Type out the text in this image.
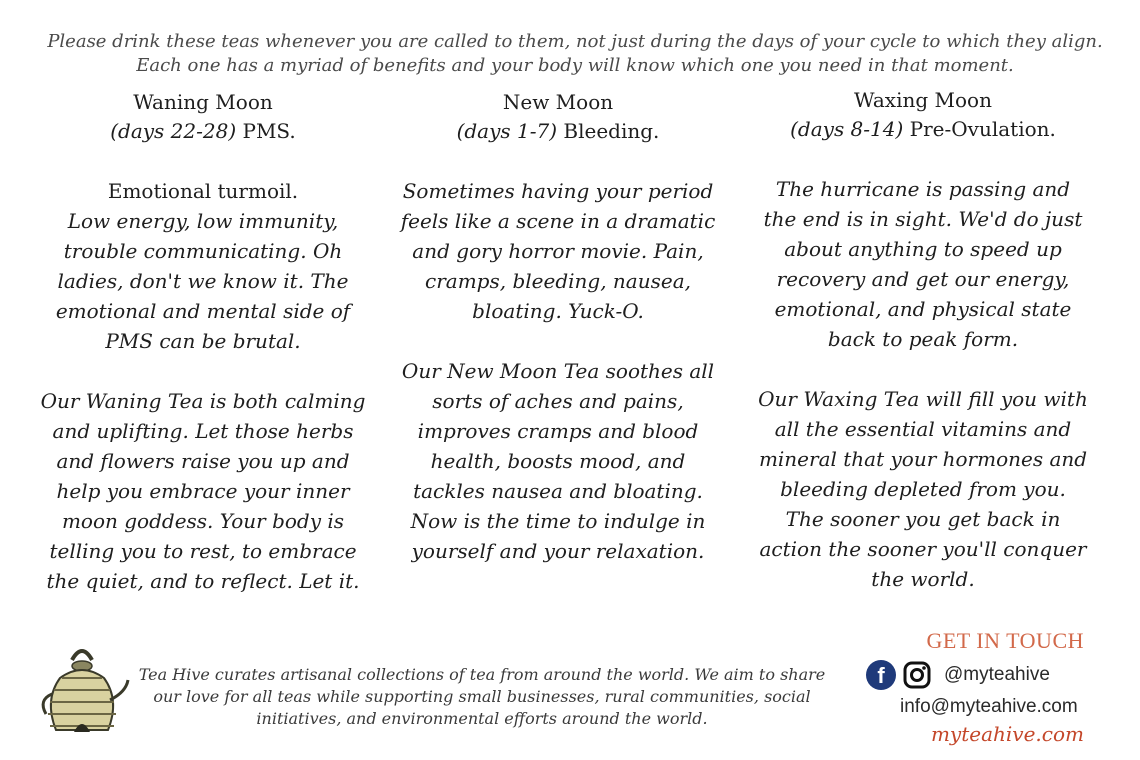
Please drink these teas whenever you are called to them, not just during the days of your cycle to which they align. Each one has a myriad of benefits and your body will know which one you need in that moment.
Waning Moon
(days 22-28) PMS.
Emotional turmoil.
Low energy, low immunity, trouble communicating. Oh ladies, don't we know it. The emotional and mental side of PMS can be brutal.
Our Waning Tea is both calming and uplifting. Let those herbs and flowers raise you up and help you embrace your inner moon goddess. Your body is telling you to rest, to embrace the quiet, and to reflect. Let it.
New Moon
(days 1-7) Bleeding.
Sometimes having your period feels like a scene in a dramatic and gory horror movie. Pain, cramps, bleeding, nausea, bloating. Yuck-O.
Our New Moon Tea soothes all sorts of aches and pains, improves cramps and blood health, boosts mood, and tackles nausea and bloating. Now is the time to indulge in yourself and your relaxation.
Waxing Moon
(days 8-14) Pre-Ovulation.
The hurricane is passing and the end is in sight. We'd do just about anything to speed up recovery and get our energy, emotional, and physical state back to peak form.
Our Waxing Tea will fill you with all the essential vitamins and mineral that your hormones and bleeding depleted from you. The sooner you get back in action the sooner you'll conquer the world.
Tea Hive curates artisanal collections of tea from around the world. We aim to share our love for all teas while supporting small businesses, rural communities, social initiatives, and environmental efforts around the world.
GET IN TOUCH
f	@myteahive
info@myteahive.com
myteahive.com
